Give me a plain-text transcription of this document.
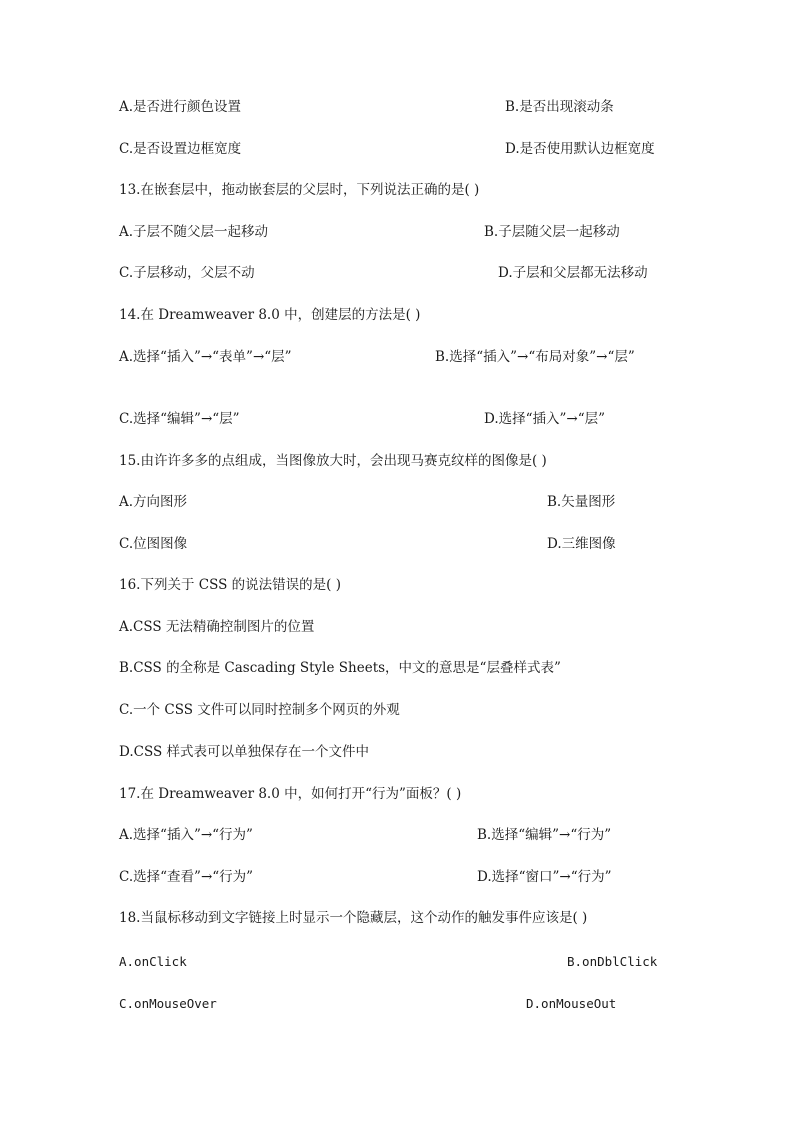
A.是否进行颜色设置	B.是否出现滚动条
C.是否设置边框宽度	D.是否使用默认边框宽度
13.在嵌套层中，拖动嵌套层的父层时，下列说法正确的是( )
A.子层不随父层一起移动	B.子层随父层一起移动
C.子层移动，父层不动	D.子层和父层都无法移动
14.在 Dreamweaver 8.0 中，创建层的方法是( )
A.选择“插入”→“表单”→“层”	B.选择“插入”→“布局对象”→“层”
C.选择“编辑”→“层”	D.选择“插入”→“层”
15.由许许多多的点组成，当图像放大时，会出现马赛克纹样的图像是( )
A.方向图形	B.矢量图形
C.位图图像	D.三维图像
16.下列关于 CSS 的说法错误的是( )
A.CSS 无法精确控制图片的位置
B.CSS 的全称是 Cascading Style Sheets，中文的意思是“层叠样式表”
C.一个 CSS 文件可以同时控制多个网页的外观
D.CSS 样式表可以单独保存在一个文件中
17.在 Dreamweaver 8.0 中，如何打开“行为”面板？( )
A.选择“插入”→“行为”	B.选择“编辑”→“行为”
C.选择“查看”→“行为”	D.选择“窗口”→“行为”
18.当鼠标移动到文字链接上时显示一个隐藏层，这个动作的触发事件应该是( )
A.onClick	B.onDblClick
C.onMouseOver	D.onMouseOut
